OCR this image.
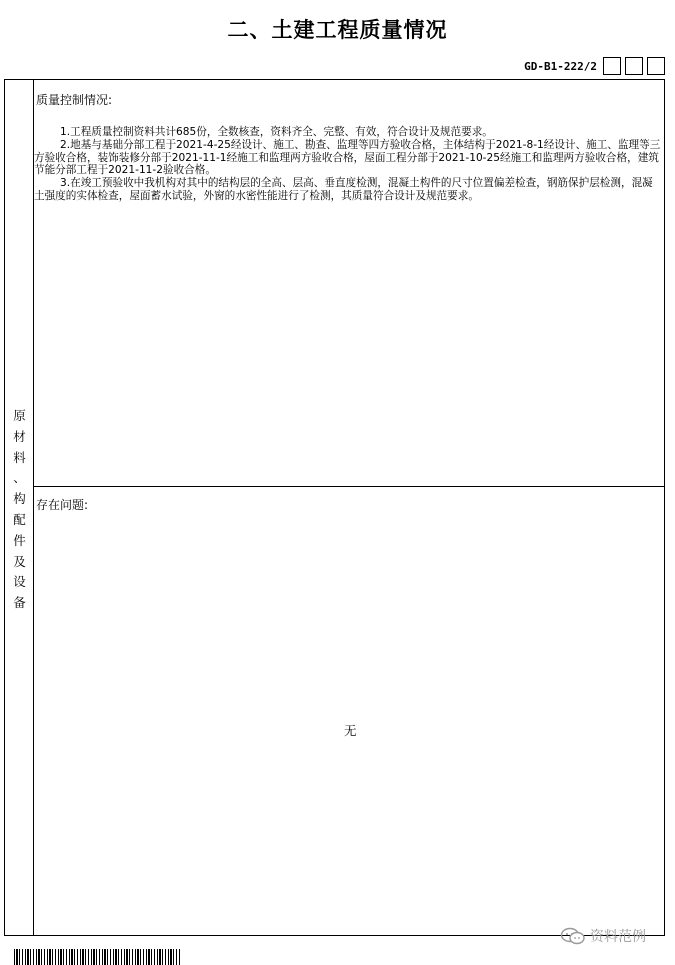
二、土建工程质量情况
GD-B1-222/2
原
材
料
、
构
配
件
及
设
备
质量控制情况:

1.工程质量控制资料共计685份，全数核查，资料齐全、完整、有效，符合设计及规范要求。

2.地基与基础分部工程于2021-4-25经设计、施工、勘查、监理等四方验收合格，主体结构于2021-8-1经设计、施工、监理等三方验收合格，装饰装修分部于2021-11-1经施工和监理两方验收合格，屋面工程分部于2021-10-25经施工和监理两方验收合格，建筑节能分部工程于2021-11-2验收合格。

3.在竣工预验收中我机构对其中的结构层的全高、层高、垂直度检测，混凝土构件的尺寸位置偏差检查，钢筋保护层检测，混凝土强度的实体检查，屋面蓄水试验，外窗的水密性能进行了检测，其质量符合设计及规范要求。

存在问题:
无
资料范例
